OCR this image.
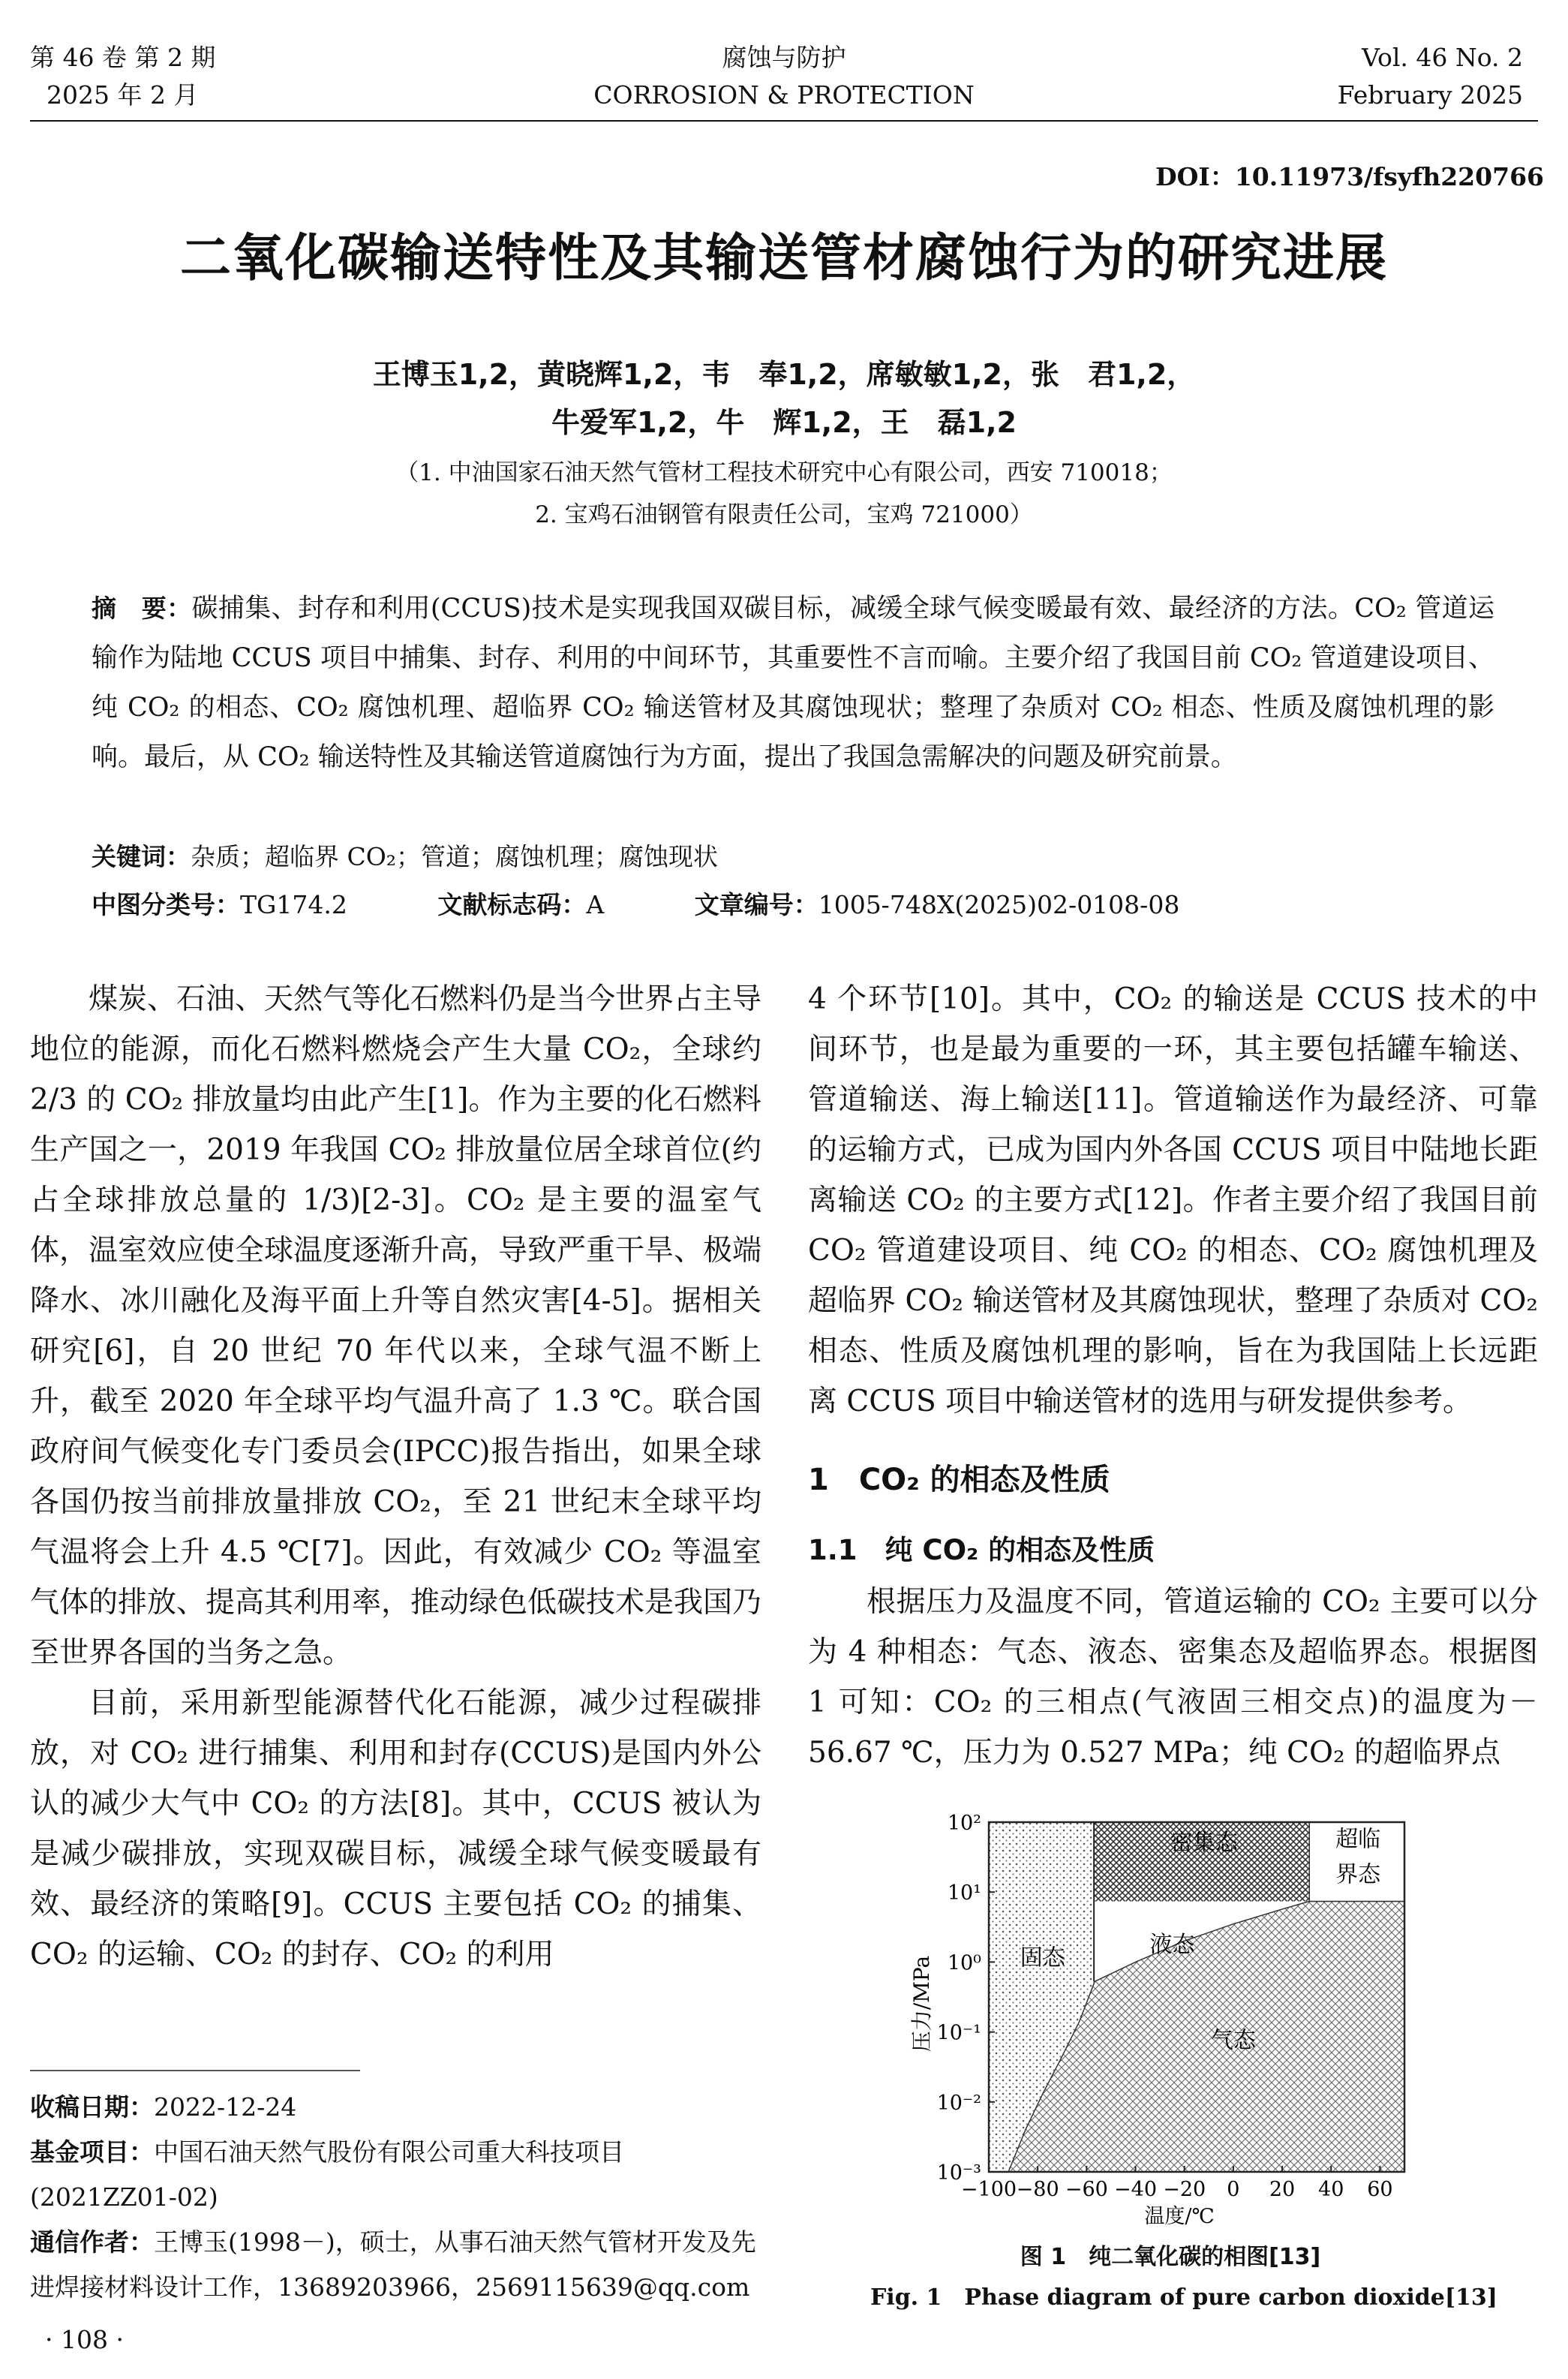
第 46 卷 第 2 期
2025 年 2 月
腐蚀与防护
CORROSION & PROTECTION
Vol. 46 No. 2
February 2025
DOI：10.11973/fsyfh220766
二氧化碳输送特性及其输送管材腐蚀行为的研究进展
王博玉1,2，黄晓辉1,2，韦　奉1,2，席敏敏1,2，张　君1,2，
牛爱军1,2，牛　辉1,2，王　磊1,2
（1. 中油国家石油天然气管材工程技术研究中心有限公司，西安 710018；
2. 宝鸡石油钢管有限责任公司，宝鸡 721000）
摘　要：碳捕集、封存和利用(CCUS)技术是实现我国双碳目标，减缓全球气候变暖最有效、最经济的方法。CO₂ 管道运输作为陆地 CCUS 项目中捕集、封存、利用的中间环节，其重要性不言而喻。主要介绍了我国目前 CO₂ 管道建设项目、纯 CO₂ 的相态、CO₂ 腐蚀机理、超临界 CO₂ 输送管材及其腐蚀现状；整理了杂质对 CO₂ 相态、性质及腐蚀机理的影响。最后，从 CO₂ 输送特性及其输送管道腐蚀行为方面，提出了我国急需解决的问题及研究前景。
关键词：杂质；超临界 CO₂；管道；腐蚀机理；腐蚀现状
中图分类号：TG174.2	文献标志码：A	文章编号：1005-748X(2025)02-0108-08

煤炭、石油、天然气等化石燃料仍是当今世界占主导地位的能源，而化石燃料燃烧会产生大量 CO₂，全球约 2/3 的 CO₂ 排放量均由此产生[1]。作为主要的化石燃料生产国之一，2019 年我国 CO₂ 排放量位居全球首位(约占全球排放总量的 1/3)[2-3]。CO₂ 是主要的温室气体，温室效应使全球温度逐渐升高，导致严重干旱、极端降水、冰川融化及海平面上升等自然灾害[4-5]。据相关研究[6]，自 20 世纪 70 年代以来，全球气温不断上升，截至 2020 年全球平均气温升高了 1.3 ℃。联合国政府间气候变化专门委员会(IPCC)报告指出，如果全球各国仍按当前排放量排放 CO₂，至 21 世纪末全球平均气温将会上升 4.5 ℃[7]。因此，有效减少 CO₂ 等温室气体的排放、提高其利用率，推动绿色低碳技术是我国乃至世界各国的当务之急。

目前，采用新型能源替代化石能源，减少过程碳排放，对 CO₂ 进行捕集、利用和封存(CCUS)是国内外公认的减少大气中 CO₂ 的方法[8]。其中，CCUS 被认为是减少碳排放，实现双碳目标，减缓全球气候变暖最有效、最经济的策略[9]。CCUS 主要包括 CO₂ 的捕集、CO₂ 的运输、CO₂ 的封存、CO₂ 的利用

收稿日期：2022-12-24
基金项目：中国石油天然气股份有限公司重大科技项目(2021ZZ01-02)
通信作者：王博玉(1998－)，硕士，从事石油天然气管材开发及先进焊接材料设计工作，13689203966，2569115639@qq.com
· 108 ·

4 个环节[10]。其中，CO₂ 的输送是 CCUS 技术的中间环节，也是最为重要的一环，其主要包括罐车输送、管道输送、海上输送[11]。管道输送作为最经济、可靠的运输方式，已成为国内外各国 CCUS 项目中陆地长距离输送 CO₂ 的主要方式[12]。作者主要介绍了我国目前 CO₂ 管道建设项目、纯 CO₂ 的相态、CO₂ 腐蚀机理及超临界 CO₂ 输送管材及其腐蚀现状，整理了杂质对 CO₂ 相态、性质及腐蚀机理的影响，旨在为我国陆上长远距离 CCUS 项目中输送管材的选用与研发提供参考。

1　CO₂ 的相态及性质
1.1　纯 CO₂ 的相态及性质

根据压力及温度不同，管道运输的 CO₂ 主要可以分为 4 种相态：气态、液态、密集态及超临界态。根据图 1 可知：CO₂ 的三相点(气液固三相交点)的温度为－56.67 ℃，压力为 0.527 MPa；纯 CO₂ 的超临界点

固态
液态
气态
密集态	超临
界态
−100 −80 −60 −40 −20 0 20 40 60
10⁻³
10⁻²
10⁻¹
10⁰
10¹
10²
温度/℃
压力/MPa
图 1　纯二氧化碳的相图[13]
Fig. 1　Phase diagram of pure carbon dioxide[13]
